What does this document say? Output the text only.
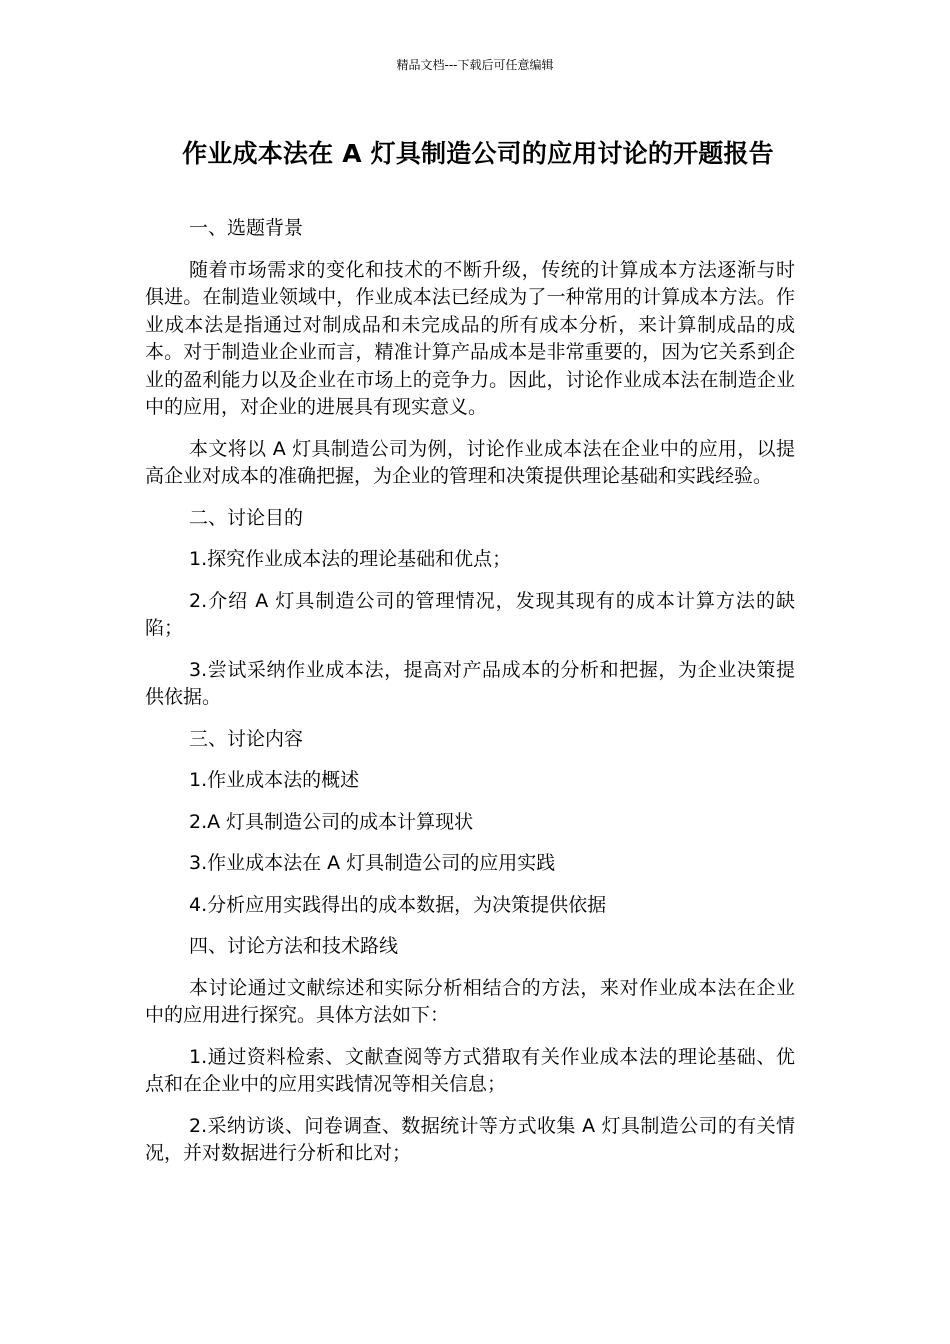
精品文档---下载后可任意编辑
作业成本法在 A 灯具制造公司的应用讨论的开题报告
一、选题背景
随着市场需求的变化和技术的不断升级，传统的计算成本方法逐渐与时俱进。在制造业领域中，作业成本法已经成为了一种常用的计算成本方法。作业成本法是指通过对制成品和未完成品的所有成本分析，来计算制成品的成本。对于制造业企业而言，精准计算产品成本是非常重要的，因为它关系到企业的盈利能力以及企业在市场上的竞争力。因此，讨论作业成本法在制造企业中的应用，对企业的进展具有现实意义。
本文将以 A 灯具制造公司为例，讨论作业成本法在企业中的应用，以提高企业对成本的准确把握，为企业的管理和决策提供理论基础和实践经验。
二、讨论目的
1.探究作业成本法的理论基础和优点；
2.介绍 A 灯具制造公司的管理情况，发现其现有的成本计算方法的缺陷；
3.尝试采纳作业成本法，提高对产品成本的分析和把握，为企业决策提供依据。
三、讨论内容
1.作业成本法的概述
2.A 灯具制造公司的成本计算现状
3.作业成本法在 A 灯具制造公司的应用实践
4.分析应用实践得出的成本数据，为决策提供依据
四、讨论方法和技术路线
本讨论通过文献综述和实际分析相结合的方法，来对作业成本法在企业中的应用进行探究。具体方法如下：
1.通过资料检索、文献查阅等方式猎取有关作业成本法的理论基础、优点和在企业中的应用实践情况等相关信息；
2.采纳访谈、问卷调查、数据统计等方式收集 A 灯具制造公司的有关情况，并对数据进行分析和比对；
